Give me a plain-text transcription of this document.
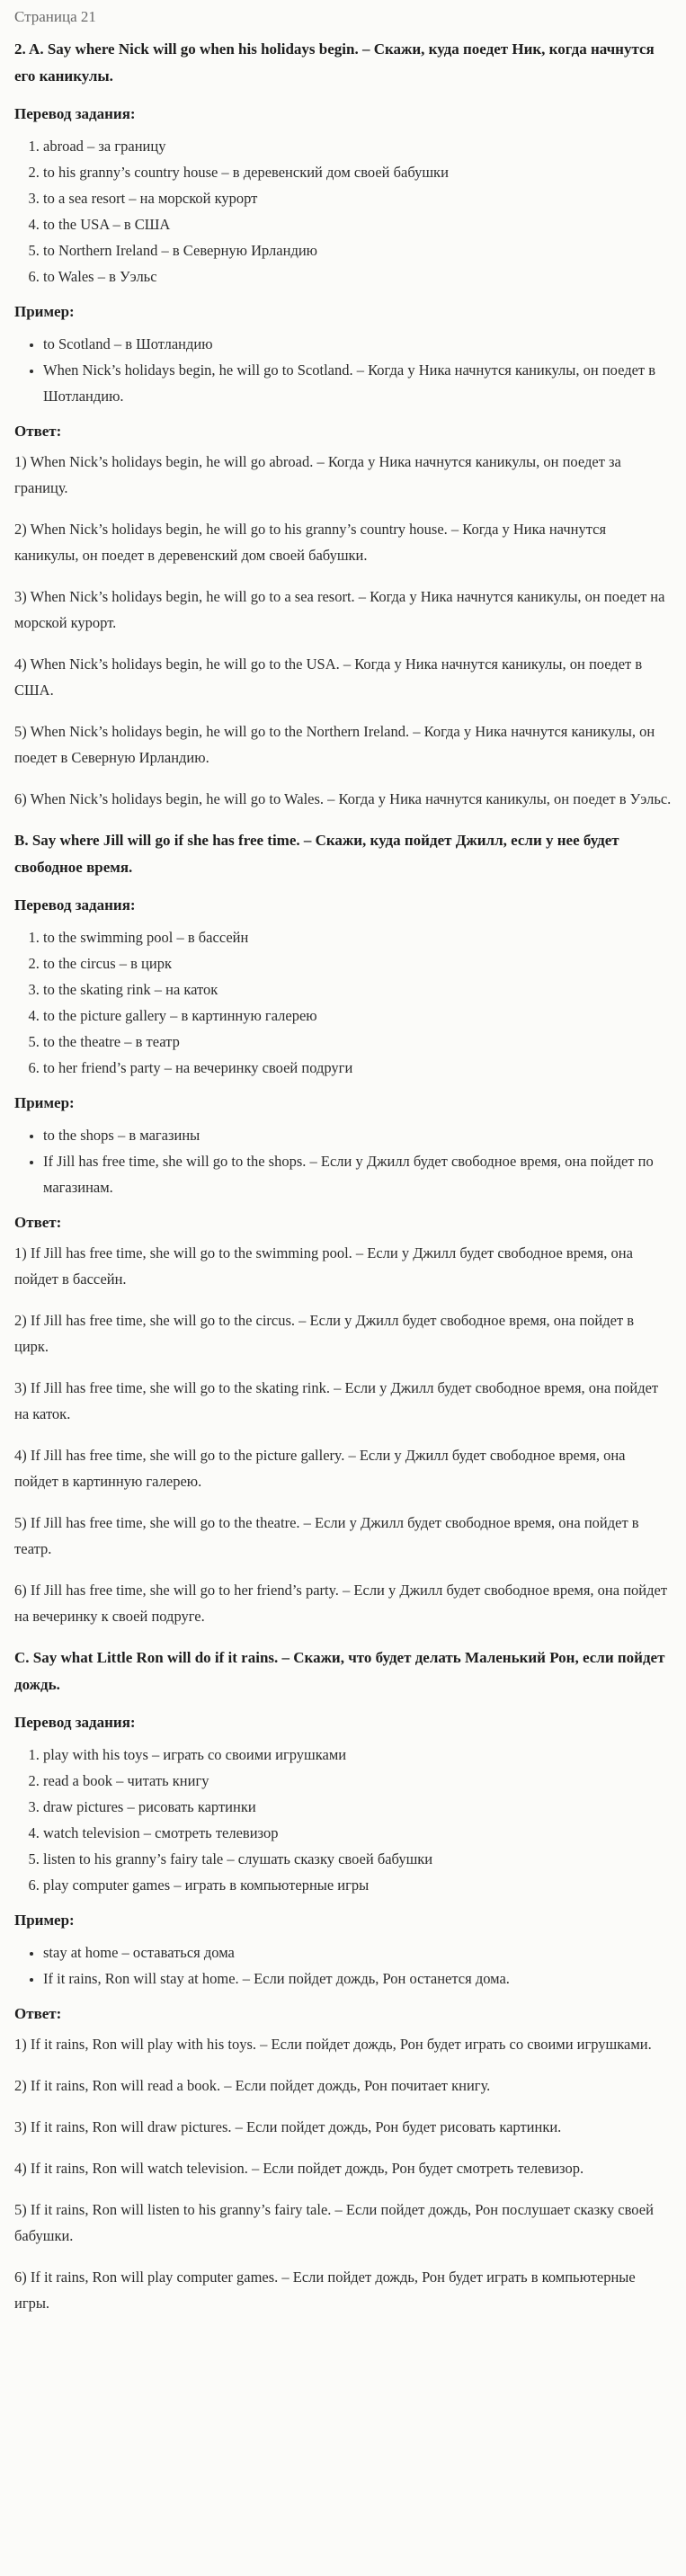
Страница 21
2. A. Say where Nick will go when his holidays begin. – Скажи, куда поедет Ник, когда начнутся его каникулы.
Перевод задания:
1. abroad – за границу
2. to his granny’s country house – в деревенский дом своей бабушки
3. to a sea resort – на морской курорт
4. to the USA – в США
5. to Northern Ireland – в Северную Ирландию
6. to Wales – в Уэльс
Пример:
• to Scotland – в Шотландию
• When Nick’s holidays begin, he will go to Scotland. – Когда у Ника начнутся каникулы, он поедет в Шотландию.
Ответ:

1) When Nick’s holidays begin, he will go abroad. – Когда у Ника начнутся каникулы, он поедет за границу.

2) When Nick’s holidays begin, he will go to his granny’s country house. – Когда у Ника начнутся каникулы, он поедет в деревенский дом своей бабушки.

3) When Nick’s holidays begin, he will go to a sea resort. – Когда у Ника начнутся каникулы, он поедет на морской курорт.

4) When Nick’s holidays begin, he will go to the USA. – Когда у Ника начнутся каникулы, он поедет в США.

5) When Nick’s holidays begin, he will go to the Northern Ireland. – Когда у Ника начнутся каникулы, он поедет в Северную Ирландию.

6) When Nick’s holidays begin, he will go to Wales. – Когда у Ника начнутся каникулы, он поедет в Уэльс.

B. Say where Jill will go if she has free time. – Скажи, куда пойдет Джилл, если у нее будет свободное время.
Перевод задания:
1. to the swimming pool – в бассейн
2. to the circus – в цирк
3. to the skating rink – на каток
4. to the picture gallery – в картинную галерею
5. to the theatre – в театр
6. to her friend’s party – на вечеринку своей подруги
Пример:
• to the shops – в магазины
• If Jill has free time, she will go to the shops. – Если у Джилл будет свободное время, она пойдет по магазинам.
Ответ:

1) If Jill has free time, she will go to the swimming pool. – Если у Джилл будет свободное время, она пойдет в бассейн.

2) If Jill has free time, she will go to the circus. – Если у Джилл будет свободное время, она пойдет в цирк.

3) If Jill has free time, she will go to the skating rink. – Если у Джилл будет свободное время, она пойдет на каток.

4) If Jill has free time, she will go to the picture gallery. – Если у Джилл будет свободное время, она пойдет в картинную галерею.

5) If Jill has free time, she will go to the theatre. – Если у Джилл будет свободное время, она пойдет в театр.

6) If Jill has free time, she will go to her friend’s party. – Если у Джилл будет свободное время, она пойдет на вечеринку к своей подруге.

C. Say what Little Ron will do if it rains. – Скажи, что будет делать Маленький Рон, если пойдет дождь.
Перевод задания:
1. play with his toys – играть со своими игрушками
2. read a book – читать книгу
3. draw pictures – рисовать картинки
4. watch television – смотреть телевизор
5. listen to his granny’s fairy tale – слушать сказку своей бабушки
6. play computer games – играть в компьютерные игры
Пример:
• stay at home – оставаться дома
• If it rains, Ron will stay at home. – Если пойдет дождь, Рон останется дома.
Ответ:

1) If it rains, Ron will play with his toys. – Если пойдет дождь, Рон будет играть со своими игрушками.

2) If it rains, Ron will read a book. – Если пойдет дождь, Рон почитает книгу.

3) If it rains, Ron will draw pictures. – Если пойдет дождь, Рон будет рисовать картинки.

4) If it rains, Ron will watch television. – Если пойдет дождь, Рон будет смотреть телевизор.

5) If it rains, Ron will listen to his granny’s fairy tale. – Если пойдет дождь, Рон послушает сказку своей бабушки.

6) If it rains, Ron will play computer games. – Если пойдет дождь, Рон будет играть в компьютерные игры.
